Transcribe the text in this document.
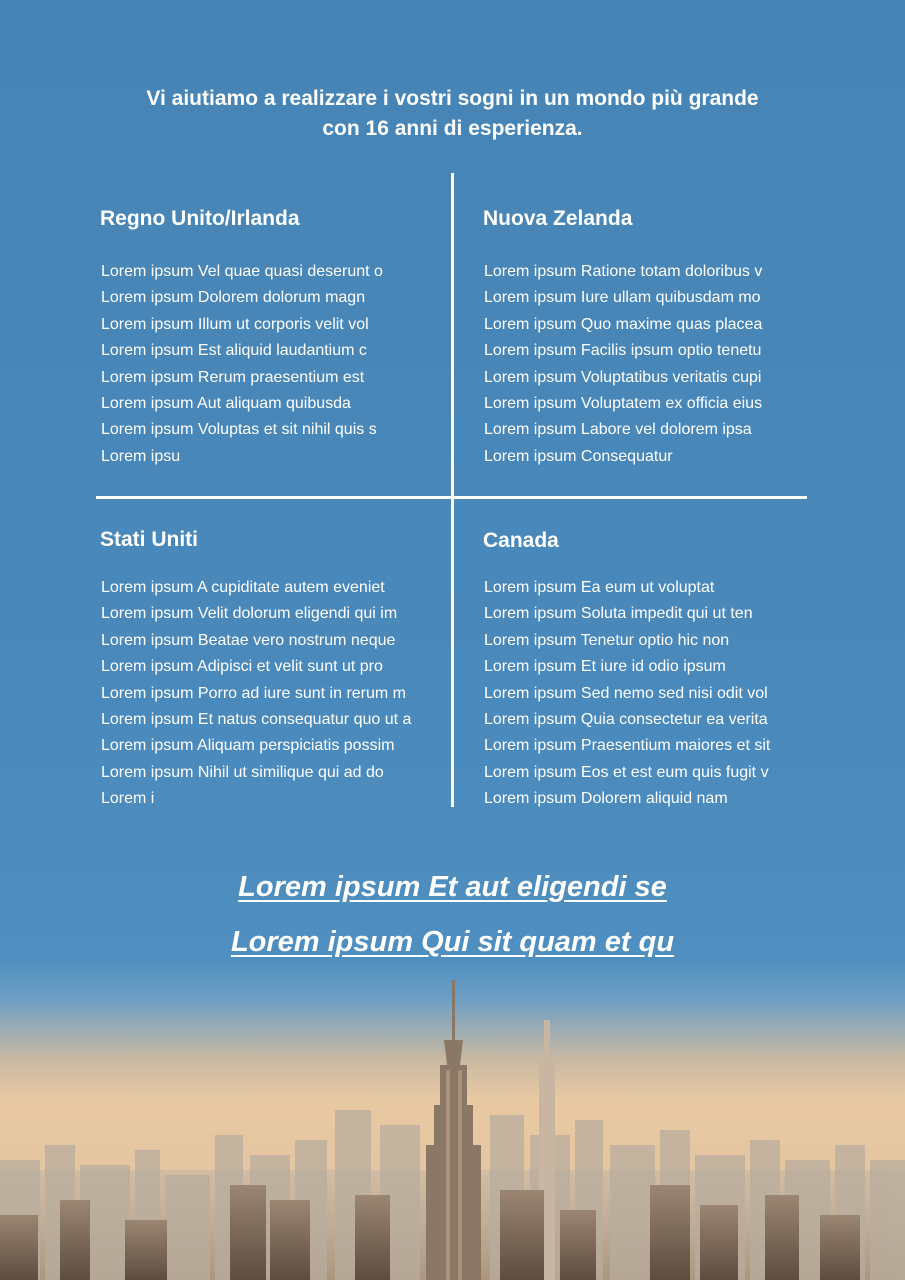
Vi aiutiamo a realizzare i vostri sogni in un mondo più grande
con 16 anni di esperienza.
Regno Unito/Irlanda
Lorem ipsum Vel quae quasi deserunt o
Lorem ipsum Dolorem dolorum magn
Lorem ipsum Illum ut corporis velit vol
Lorem ipsum Est aliquid laudantium c
Lorem ipsum Rerum praesentium est
Lorem ipsum Aut aliquam quibusda
Lorem ipsum Voluptas et sit nihil quis s
Lorem ipsu
Nuova Zelanda
Lorem ipsum Ratione totam doloribus v
Lorem ipsum Iure ullam quibusdam mo
Lorem ipsum Quo maxime quas placea
Lorem ipsum Facilis ipsum optio tenetu
Lorem ipsum Voluptatibus veritatis cupi
Lorem ipsum Voluptatem ex officia eius
Lorem ipsum Labore vel dolorem ipsa
Lorem ipsum Consequatur
Stati Uniti
Lorem ipsum A cupiditate autem eveniet
Lorem ipsum Velit dolorum eligendi qui im
Lorem ipsum Beatae vero nostrum neque
Lorem ipsum Adipisci et velit sunt ut pro
Lorem ipsum Porro ad iure sunt in rerum m
Lorem ipsum Et natus consequatur quo ut a
Lorem ipsum Aliquam perspiciatis possim
Lorem ipsum Nihil ut similique qui ad do
Lorem i
Canada
Lorem ipsum Ea eum ut voluptat
Lorem ipsum Soluta impedit qui ut ten
Lorem ipsum Tenetur optio hic non
Lorem ipsum Et iure id odio ipsum
Lorem ipsum Sed nemo sed nisi odit vol
Lorem ipsum Quia consectetur ea verita
Lorem ipsum Praesentium maiores et sit
Lorem ipsum Eos et est eum quis fugit v
Lorem ipsum Dolorem aliquid nam
Lorem ipsum Et aut eligendi se
Lorem ipsum Qui sit quam et qu
